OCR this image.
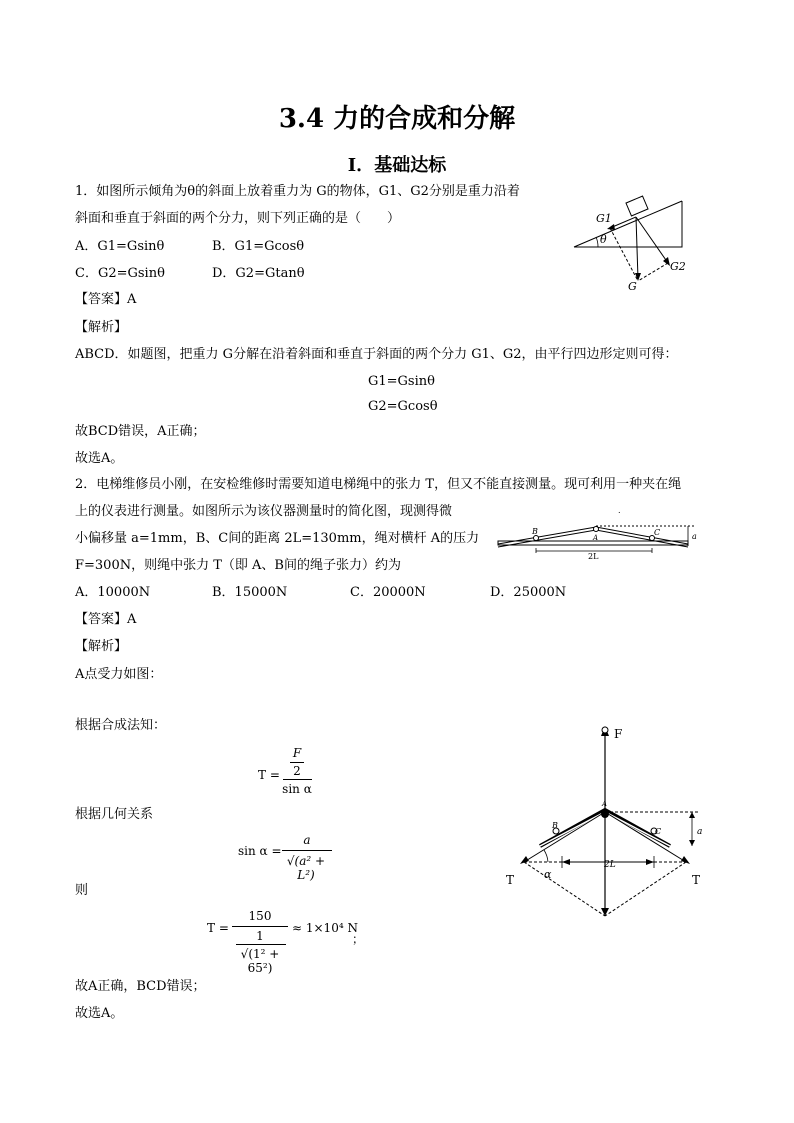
3.4 力的合成和分解
Ⅰ．基础达标
1．如图所示倾角为θ的斜面上放着重力为 G的物体，G1、G2分别是重力沿着
斜面和垂直于斜面的两个分力，则下列正确的是（　　）
A．G1=Gsinθ	B．G1=Gcosθ
C．G2=Gsinθ	D．G2=Gtanθ
【答案】A
【解析】
ABCD．如题图，把重力 G分解在沿着斜面和垂直于斜面的两个分力 G1、G2，由平行四边形定则可得：
G1=Gsinθ
G2=Gcosθ
故BCD错误，A正确；
故选A。
G1
G2
G
θ
2．电梯维修员小刚，在安检维修时需要知道电梯绳中的张力 T，但又不能直接测量。现可利用一种夹在绳
上的仪表进行测量。如图所示为该仪器测量时的简化图，现测得微
小偏移量 a=1mm，B、C间的距离 2L=130mm，绳对横杆 A的压力
F=300N，则绳中张力 T（即 A、B间的绳子张力）约为
A．10000N	B．15000N	C．20000N	D．25000N
【答案】A
【解析】
A点受力如图：
根据合成法知：
T =
F
2
sin α
根据几何关系
sin α =
a
√(a² + L²)
则
T =
150
1
√(1² + 65²)
≈ 1×10⁴ N
；
故A正确，BCD错误；
故选A。
a
B
A
C
.
2L
F
B
C
A
a
2L
α
T	T
